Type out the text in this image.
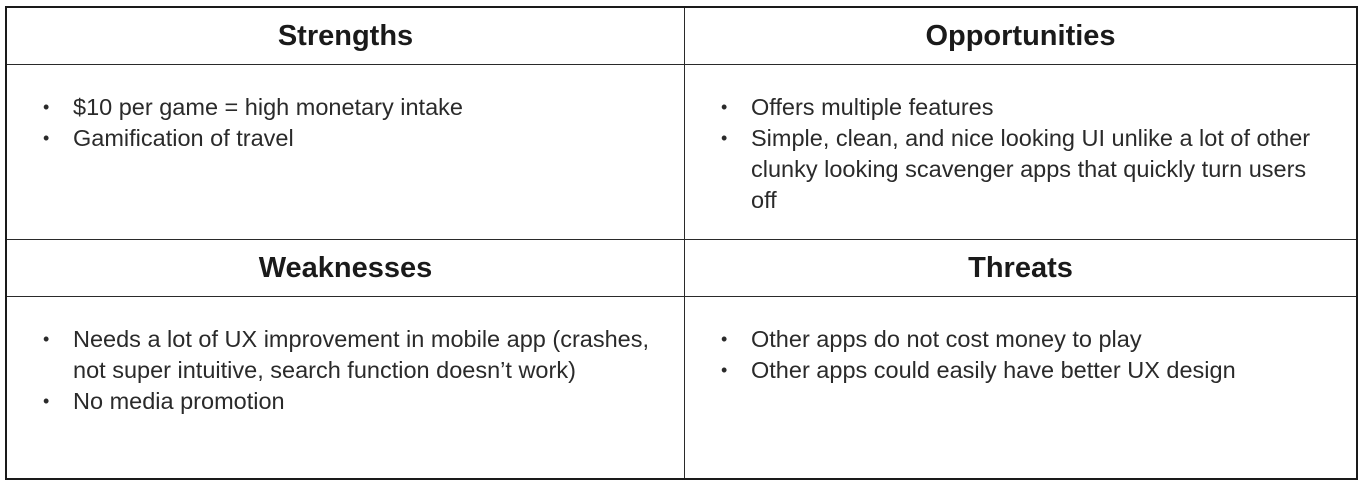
Strengths	Opportunities
• $10 per game = high monetary intake
• Gamification of travel
• Offers multiple features
• Simple, clean, and nice looking UI unlike a lot of other clunky looking scavenger apps that quickly turn users off
Weaknesses	Threats
• Needs a lot of UX improvement in mobile app (crashes, not super intuitive, search function doesn’t work)
• No media promotion
• Other apps do not cost money to play
• Other apps could easily have better UX design
